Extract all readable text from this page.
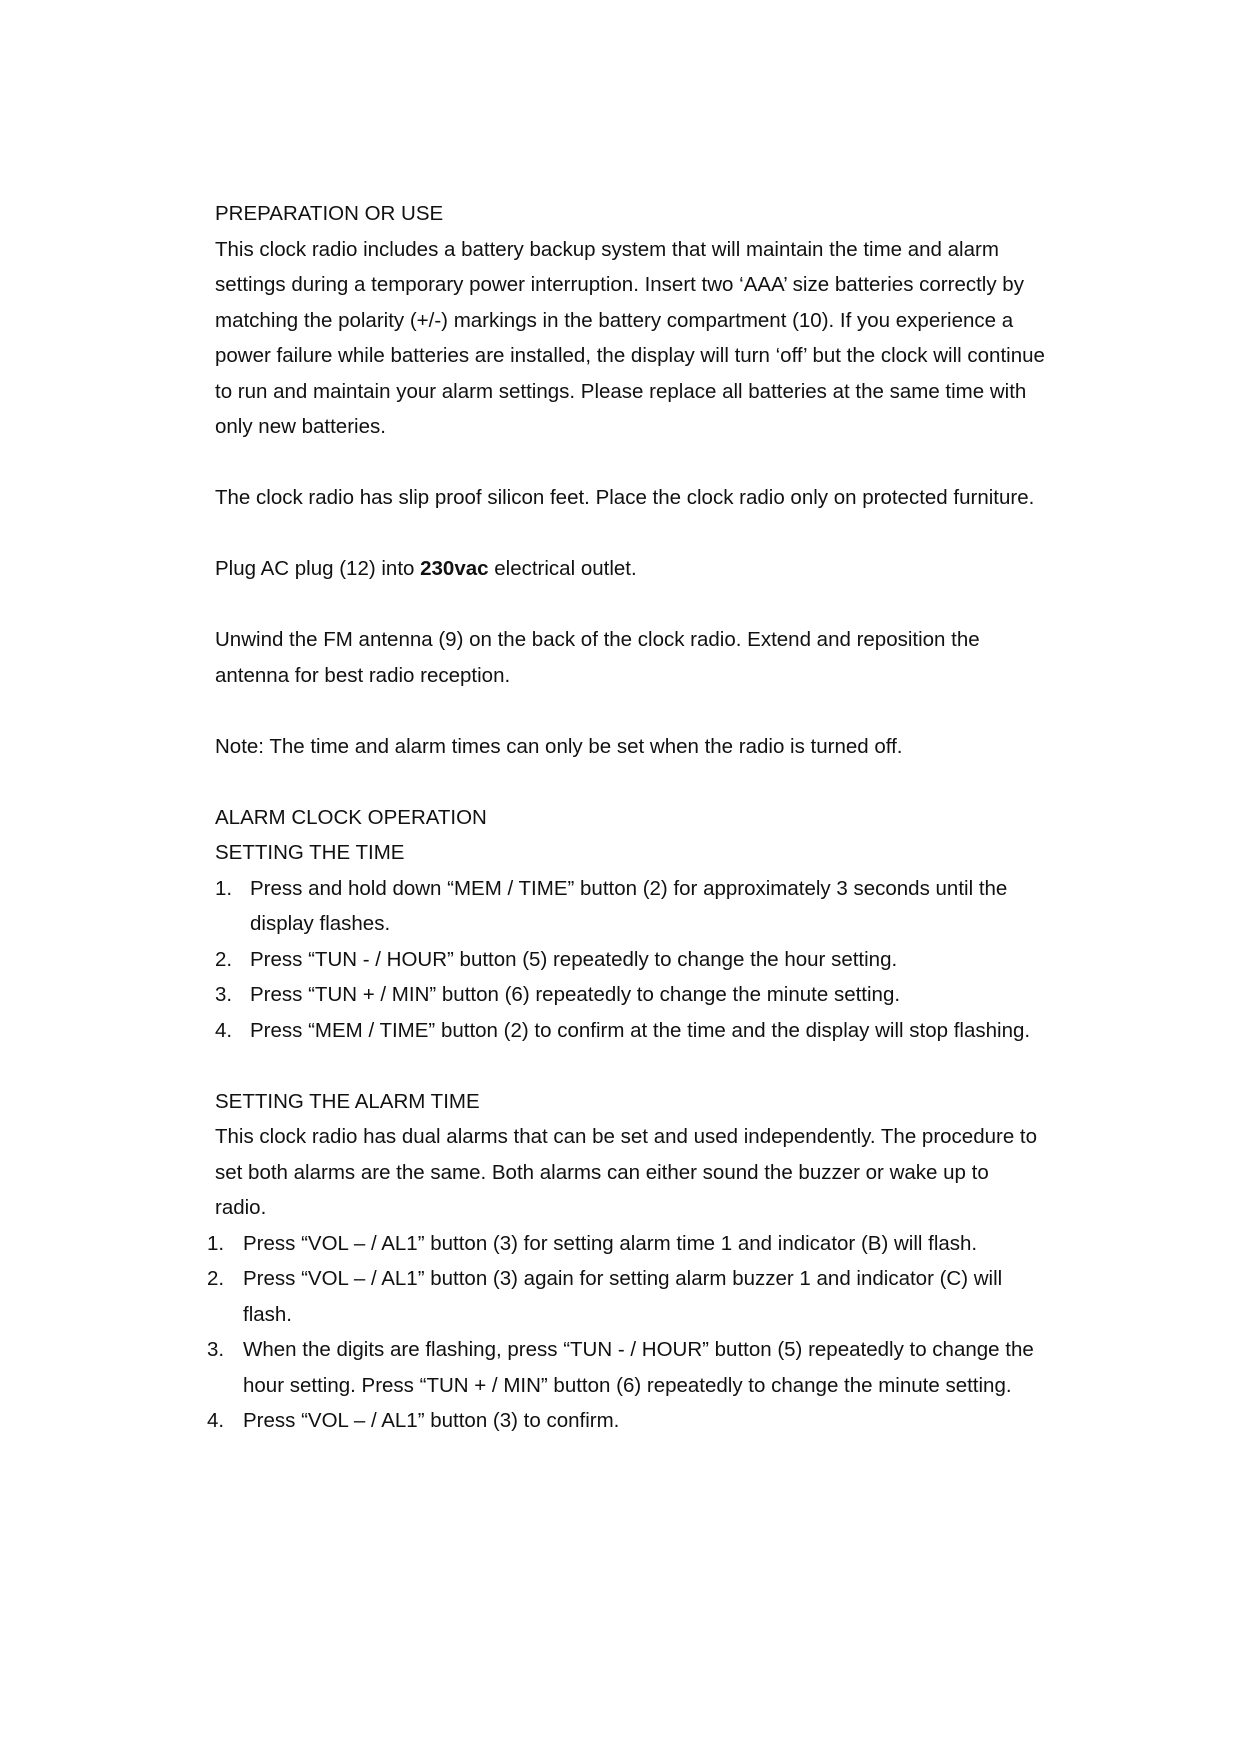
PREPARATION OR USE

This clock radio includes a battery backup system that will maintain the time and alarm settings during a temporary power interruption. Insert two ‘AAA’ size batteries correctly by matching the polarity (+/-) markings in the battery compartment (10). If you experience a power failure while batteries are installed, the display will turn ‘off’ but the clock will continue to run and maintain your alarm settings. Please replace all batteries at the same time with only new batteries.

The clock radio has slip proof silicon feet. Place the clock radio only on protected furniture.

Plug AC plug (12) into 230vac electrical outlet.

Unwind the FM antenna (9) on the back of the clock radio. Extend and reposition the antenna for best radio reception.

Note: The time and alarm times can only be set when the radio is turned off.

ALARM CLOCK OPERATION

SETTING THE TIME

1. Press and hold down “MEM / TIME” button (2) for approximately 3 seconds until the display flashes.
2. Press “TUN - / HOUR” button (5) repeatedly to change the hour setting.
3. Press “TUN + / MIN” button (6) repeatedly to change the minute setting.
4. Press “MEM / TIME” button (2) to confirm at the time and the display will stop flashing.

SETTING THE ALARM TIME

This clock radio has dual alarms that can be set and used independently. The procedure to set both alarms are the same. Both alarms can either sound the buzzer or wake up to radio.

1. Press “VOL – / AL1” button (3) for setting alarm time 1 and indicator (B) will flash.
2. Press “VOL – / AL1” button (3) again for setting alarm buzzer 1 and indicator (C) will flash.
3. When the digits are flashing, press “TUN - / HOUR” button (5) repeatedly to change the hour setting. Press “TUN + / MIN” button (6) repeatedly to change the minute setting.
4. Press “VOL – / AL1” button (3) to confirm.
